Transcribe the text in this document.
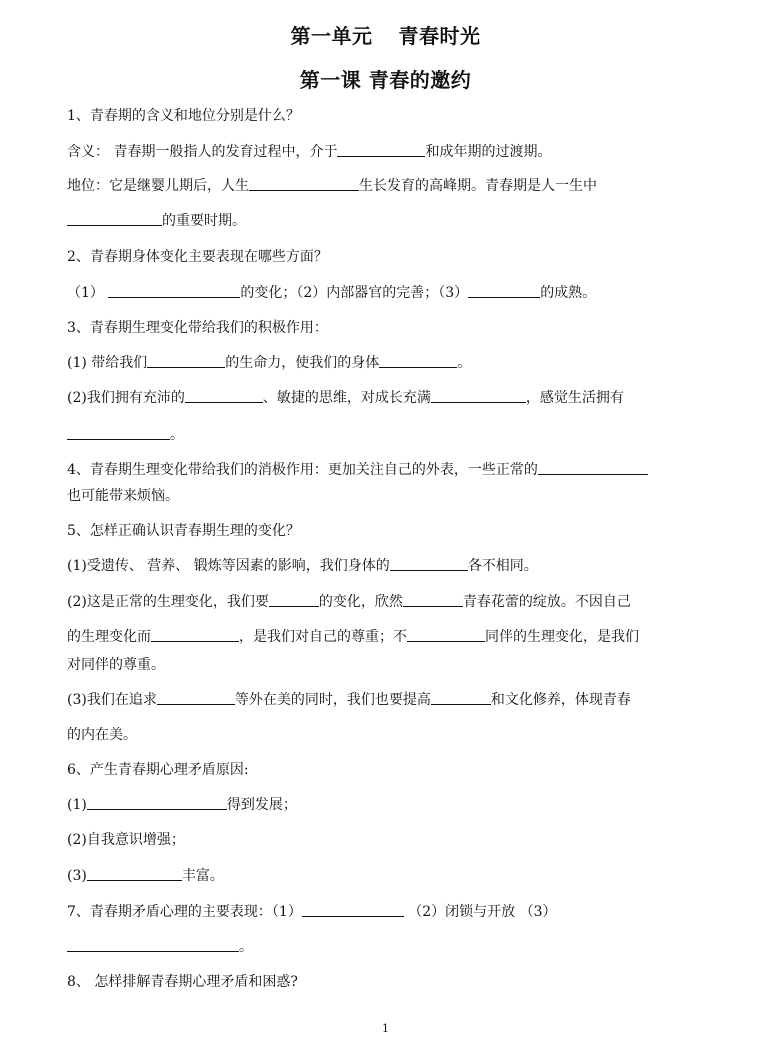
第一单元 青春时光
第一课 青春的邀约
1、青春期的含义和地位分别是什么？
含义： 青春期一般指人的发育过程中，介于	和成年期的过渡期。
地位：它是继婴儿期后，人生	生长发育的高峰期。青春期是人一生中
的重要时期。
2、青春期身体变化主要表现在哪些方面？
（1）	的变化；（2）内部器官的完善；（3）	的成熟。
3、青春期生理变化带给我们的积极作用：
(1) 带给我们	的生命力，使我们的身体	。
(2)我们拥有充沛的	、敏捷的思维，对成长充满	，感觉生活拥有
。
4、青春期生理变化带给我们的消极作用：更加关注自己的外表，一些正常的
也可能带来烦恼。
5、怎样正确认识青春期生理的变化？
(1)受遗传、 营养、 锻炼等因素的影响，我们身体的	各不相同。
(2)这是正常的生理变化，我们要	的变化，欣然	青春花蕾的绽放。不因自己
的生理变化而	，是我们对自己的尊重；不	同伴的生理变化，是我们
对同伴的尊重。
(3)我们在追求	等外在美的同时，我们也要提高	和文化修养，体现青春
的内在美。
6、产生青春期心理矛盾原因:
(1)	得到发展；
(2)自我意识增强；
(3)	丰富。
7、青春期矛盾心理的主要表现：（1）	（2）闭锁与开放 （3）
。
8、 怎样排解青春期心理矛盾和困惑?
1
